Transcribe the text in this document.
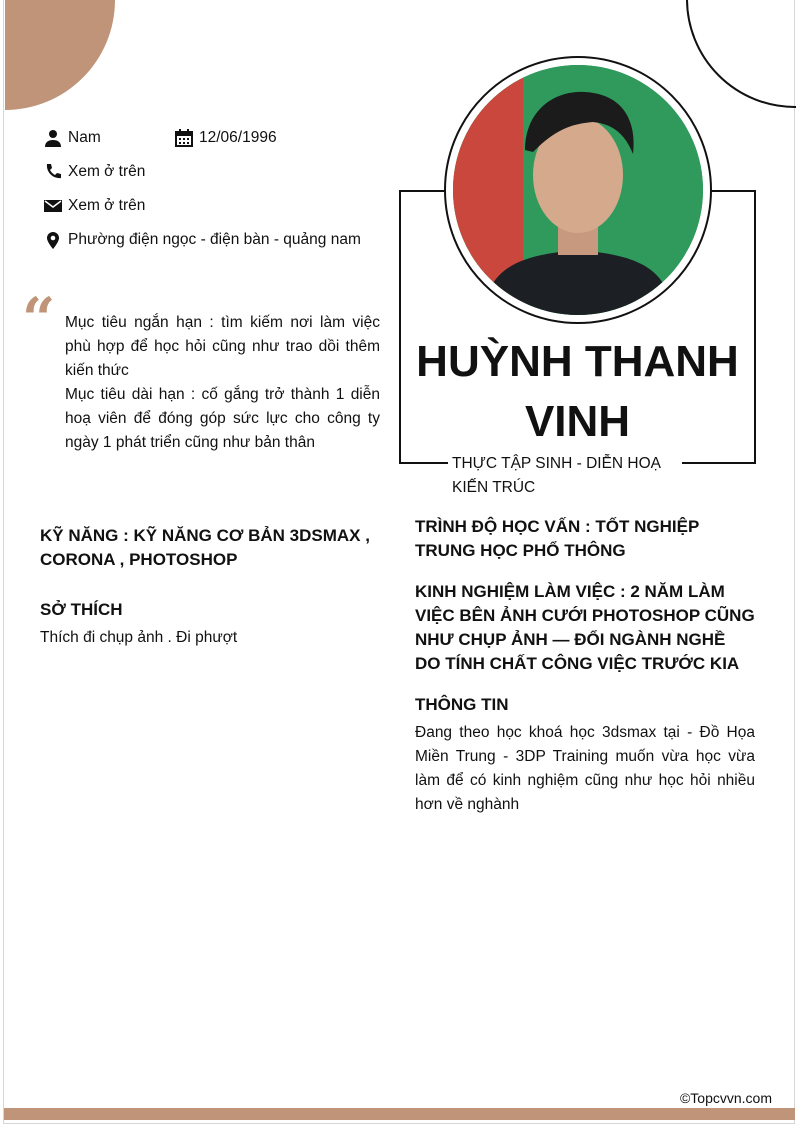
Nam	12/06/1996
Xem ở trên
Xem ở trên
Phường điện ngọc - điện bàn - quảng nam
“ Mục tiêu ngắn hạn : tìm kiếm nơi làm việc phù hợp để học hỏi cũng như trao dồi thêm kiến thức
Mục tiêu dài hạn : cố gắng trở thành 1 diễn hoạ viên để đóng góp sức lực cho công ty ngày 1 phát triển cũng như bản thân
HUỲNH THANH VINH
THỰC TẬP SINH - DIỄN HOẠ KIẾN TRÚC
KỸ NĂNG : KỸ NĂNG CƠ BẢN 3DSMAX , CORONA , PHOTOSHOP
SỞ THÍCH
Thích đi chụp ảnh . Đi phượt
TRÌNH ĐỘ HỌC VẤN : TỐT NGHIỆP TRUNG HỌC PHỔ THÔNG
KINH NGHIỆM LÀM VIỆC : 2 NĂM LÀM VIỆC BÊN ẢNH CƯỚI PHOTOSHOP CŨNG NHƯ CHỤP ẢNH — ĐỔI NGÀNH NGHỀ DO TÍNH CHẤT CÔNG VIỆC TRƯỚC KIA
THÔNG TIN
Đang theo học khoá học 3dsmax tại - Đồ Họa Miền Trung - 3DP Training muốn vừa học vừa làm để có kinh nghiệm cũng như học hỏi nhiều hơn về nghành
©Topcvvn.com
